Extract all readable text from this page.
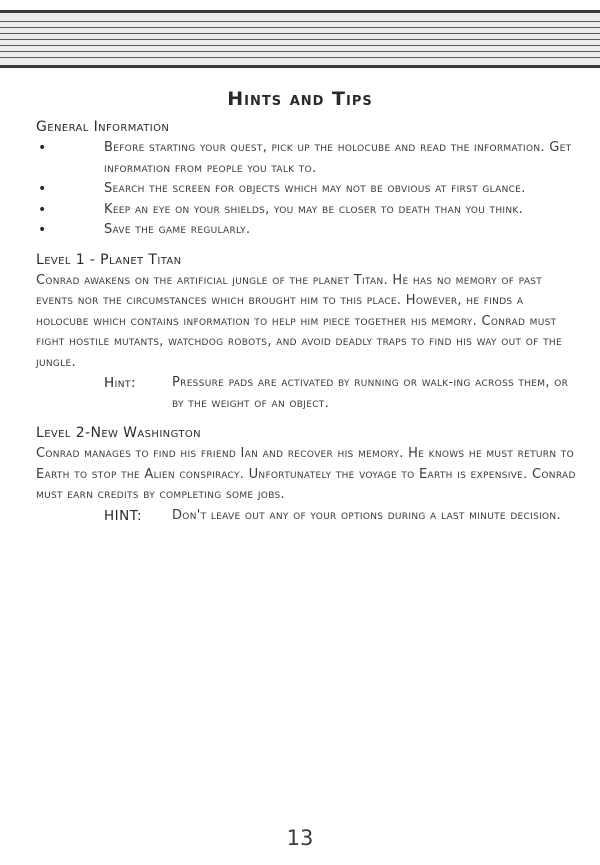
Hints and Tips
General Information
•	Before starting your quest, pick up the holocube and read the information. Get information from people you talk to.
•	Search the screen for objects which may not be obvious at first glance.
•	Keep an eye on your shields, you may be closer to death than you think.
•	Save the game regularly.
Level 1 - Planet Titan

Conrad awakens on the artificial jungle of the planet Titan. He has no memory of past events nor the circumstances which brought him to this place. However, he finds a holocube which contains information to help him piece together his memory. Conrad must fight hostile mutants, watchdog robots, and avoid deadly traps to find his way out of the jungle.

Hint:	Pressure pads are activated by running or walk-ing across them, or by the weight of an object.
Level 2-New Washington

Conrad manages to find his friend Ian and recover his memory. He knows he must return to Earth to stop the Alien conspiracy. Unfortunately the voyage to Earth is expensive. Conrad must earn credits by completing some jobs.

HINT:	Don't leave out any of your options during a last minute decision.
13
